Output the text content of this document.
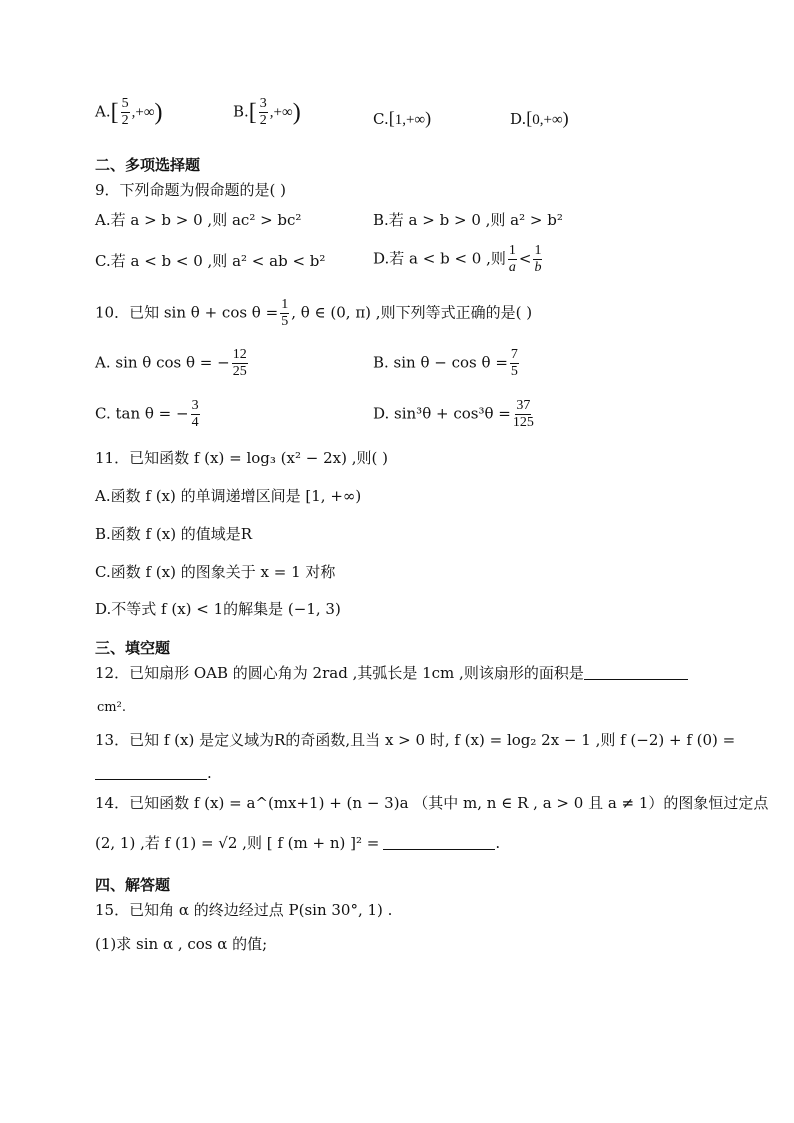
$A.[ \frac{5}{2}$ ,+∞)	$B.[ \frac{3}{2}$ ,+∞)	C.[1,+∞)	D.[0,+∞)
二、多项选择题
9．下列命题为假命题的是( )
A.若 a > b > 0 ,则 ac² > bc²	B.若 a > b > 0 ,则 a² > b²
C.若 a < b < 0 ,则 a² < ab < b²	D.若 a < b < 0 ,则 $\frac{1}{a} < \frac{1}{b}$
10．已知 $\sin \theta + \cos \theta = \frac{1}{5}$ , θ ∈ (0, π) ,则下列等式正确的是( )
A. sin θ cos θ = − $\frac{12}{25}$	B. $\sin \theta - \cos \theta = \frac{7}{5}$
C. tan θ = − $\frac{3}{4}$	D. $\sin^3\theta + \cos^3\theta = \frac{37}{125}$
11．已知函数 f (x) = log₃ (x² − 2x) ,则( )
A.函数 f (x) 的单调递增区间是 [1, +∞)
B.函数 f (x) 的值域是R
C.函数 f (x) 的图象关于 x = 1 对称
D.不等式 f (x) < 1的解集是 (−1, 3)
三、填空题
12．已知扇形 OAB 的圆心角为 2rad ,其弧长是 1cm ,则该扇形的面积是
cm².
13．已知 f (x) 是定义域为R的奇函数,且当 x > 0 时, f (x) = log₂ 2x − 1 ,则 f (−2) + f (0) =
.
14．已知函数 f (x) = a^(mx+1) + (n − 3)a （其中 m, n ∈ R , a > 0 且 a ≠ 1）的图象恒过定点
(2, 1) ,若 f (1) = √2 ,则 [ f (m + n) ]² =	.
四、解答题
15．已知角 α 的终边经过点 P(sin 30°, 1) .
(1)求 sin α , cos α 的值;
